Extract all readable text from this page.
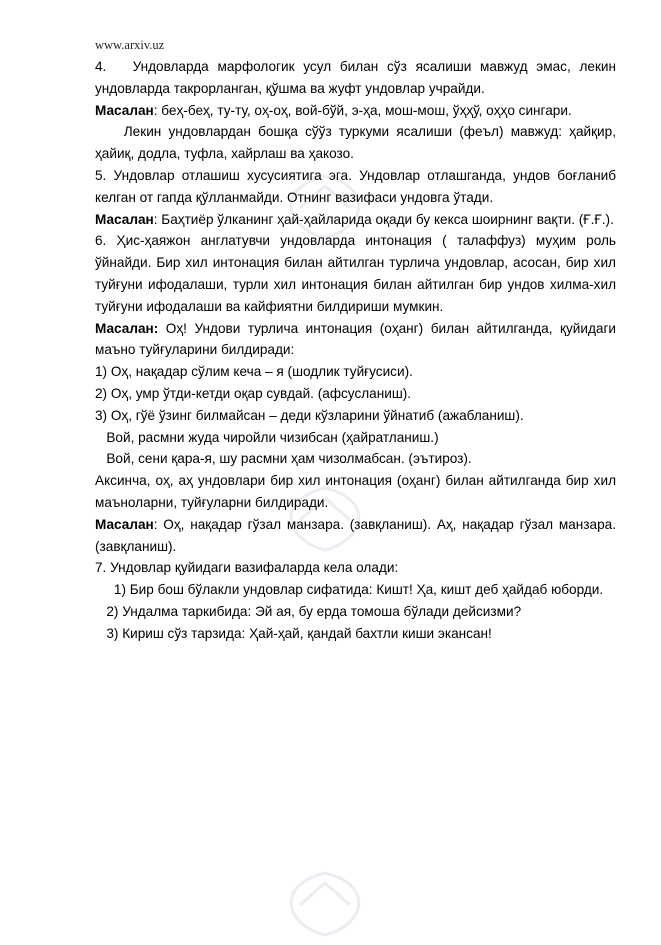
www.arxiv.uz

4.   Ундовларда марфологик усул билан сўз ясалиши мавжуд эмас, лекин ундовларда такрорланган, қўшма ва жуфт ундовлар учрайди.

Масалан: беҳ-беҳ, ту-ту, оҳ-оҳ, вой-бўй, э-ҳа, мош-мош, ўҳҳў, оҳҳо сингари.

Лекин ундовлардан бошқа сўўз туркуми ясалиши (феъл) мавжуд: ҳайқир, ҳайиқ, додла, туфла, хайрлаш ва ҳакозо.

5. Ундовлар отлашиш хусусиятига эга. Ундовлар отлашганда, ундов боғланиб келган от гапда қўлланмайди. Отнинг вазифаси ундовга ўтади.

Масалан: Баҳтиёр ўлканинг ҳай-ҳайларида оқади бу кекса шоирнинг вақти. (Ғ.Ғ.).

6. Ҳис-ҳаяжон англатувчи ундовларда интонация ( талаффуз) муҳим роль ўйнайди. Бир хил интонация билан айтилган турлича ундовлар, асосан, бир хил туйғуни ифодалаши, турли хил интонация билан айтилган бир ундов хилма-хил туйғуни ифодалаши ва кайфиятни билдириши мумкин.

Масалан: Оҳ! Ундови турлича интонация (оҳанг) билан айтилганда, қуйидаги маъно туйғуларини билдиради:

1) Оҳ, нақадар сўлим кеча – я (шодлик туйғусиси).

2) Оҳ, умр ўтди-кетди оқар сувдай. (афсусланиш).

3) Оҳ, гўё ўзинг билмайсан – деди кўзларини ўйнатиб (ажабланиш).

Вой, расмни жуда чиройли чизибсан (ҳайратланиш.)

Вой, сени қара-я, шу расмни ҳам чизолмабсан. (эътироз).

Аксинча, оҳ, аҳ ундовлари бир хил интонация (оҳанг) билан айтилганда бир хил маъноларни, туйғуларни билдиради.

Масалан: Оҳ, нақадар гўзал манзара. (завқланиш). Аҳ, нақадар гўзал манзара. (завқланиш).

7. Ундовлар қуйидаги вазифаларда кела олади:

1) Бир бош бўлакли ундовлар сифатида: Кишт! Ҳа, кишт деб ҳайдаб юборди.

2) Ундалма таркибида: Эй ая, бу ерда томоша бўлади дейсизми?

3) Кириш сўз тарзида: Ҳай-ҳай, қандай бахтли киши экансан!
